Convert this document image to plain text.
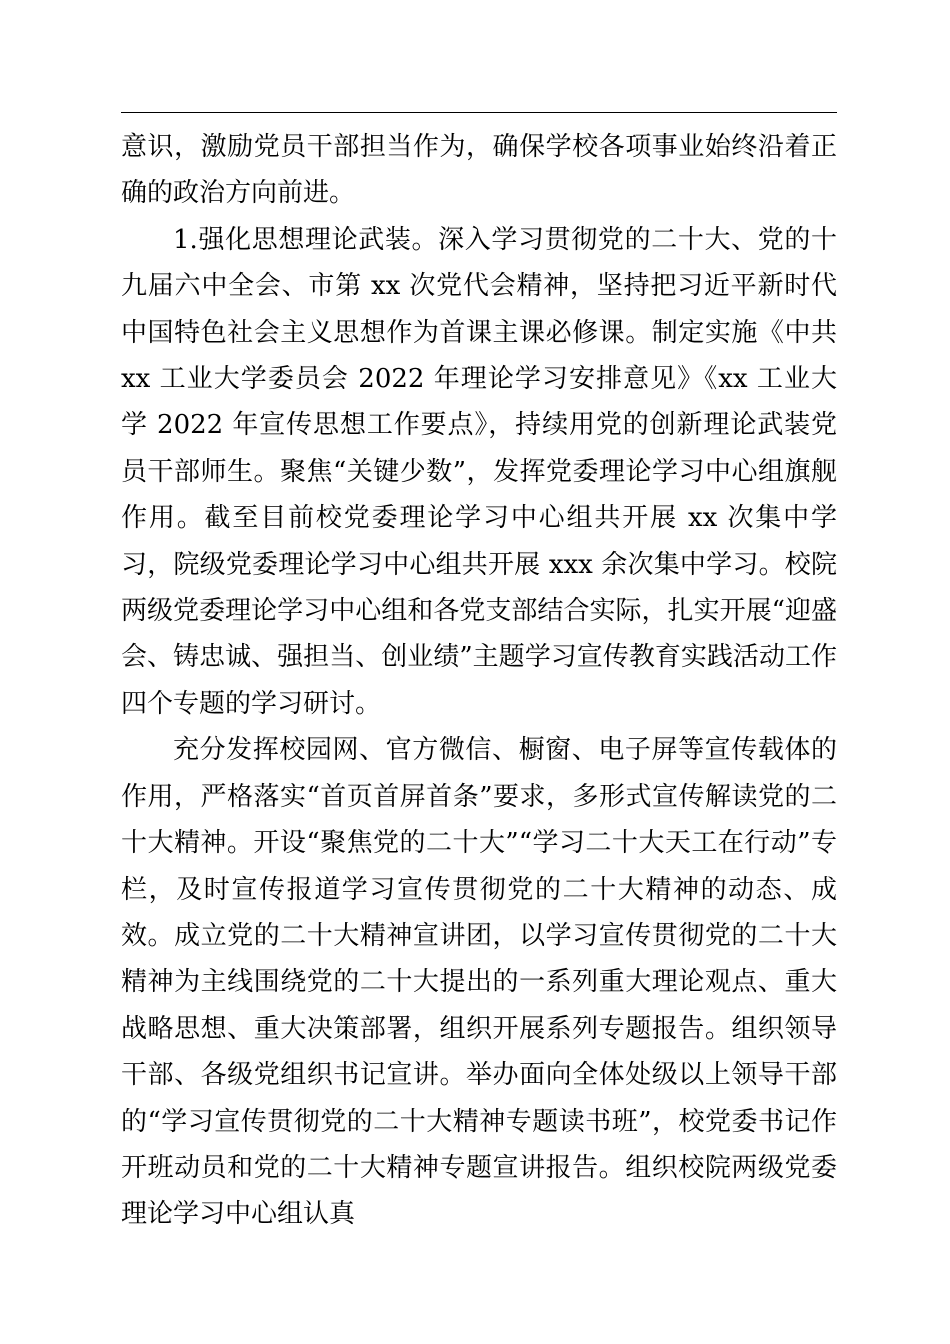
意识，激励党员干部担当作为，确保学校各项事业始终沿着正确的政治方向前进。

1.强化思想理论武装。深入学习贯彻党的二十大、党的十九届六中全会、市第 xx 次党代会精神，坚持把习近平新时代中国特色社会主义思想作为首课主课必修课。制定实施《中共 xx 工业大学委员会 2022 年理论学习安排意见》《xx 工业大学 2022 年宣传思想工作要点》，持续用党的创新理论武装党员干部师生。聚焦“关键少数”，发挥党委理论学习中心组旗舰作用。截至目前校党委理论学习中心组共开展 xx 次集中学习，院级党委理论学习中心组共开展 xxx 余次集中学习。校院两级党委理论学习中心组和各党支部结合实际，扎实开展“迎盛会、铸忠诚、强担当、创业绩”主题学习宣传教育实践活动工作四个专题的学习研讨。

充分发挥校园网、官方微信、橱窗、电子屏等宣传载体的作用，严格落实“首页首屏首条”要求，多形式宣传解读党的二十大精神。开设“聚焦党的二十大”“学习二十大天工在行动”专栏，及时宣传报道学习宣传贯彻党的二十大精神的动态、成效。成立党的二十大精神宣讲团，以学习宣传贯彻党的二十大精神为主线围绕党的二十大提出的一系列重大理论观点、重大战略思想、重大决策部署，组织开展系列专题报告。组织领导干部、各级党组织书记宣讲。举办面向全体处级以上领导干部的“学习宣传贯彻党的二十大精神专题读书班”，校党委书记作开班动员和党的二十大精神专题宣讲报告。组织校院两级党委理论学习中心组认真
